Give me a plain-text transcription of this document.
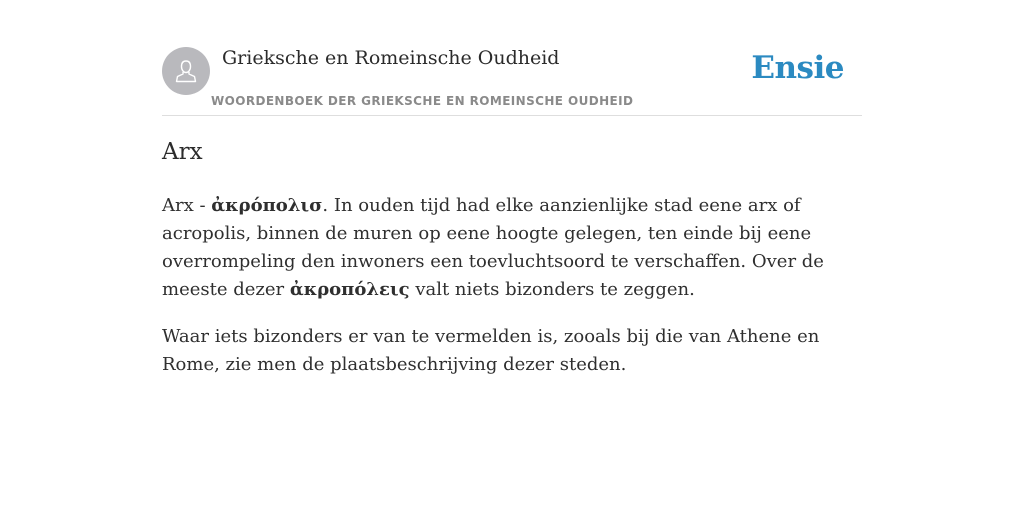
Grieksche en Romeinsche Oudheid
WOORDENBOEK DER GRIEKSCHE EN ROMEINSCHE OUDHEID
Ensie
Arx

Arx - ἀκρόπολισ. In ouden tijd had elke aanzienlijke stad eene arx of acropolis, binnen de muren op eene hoogte gelegen, ten einde bij eene overrompeling den inwoners een toevluchtsoord te verschaffen. Over de meeste dezer ἀκροπόλεις valt niets bizonders te zeggen.

Waar iets bizonders er van te vermelden is, zooals bij die van Athene en Rome, zie men de plaatsbeschrijving dezer steden.
